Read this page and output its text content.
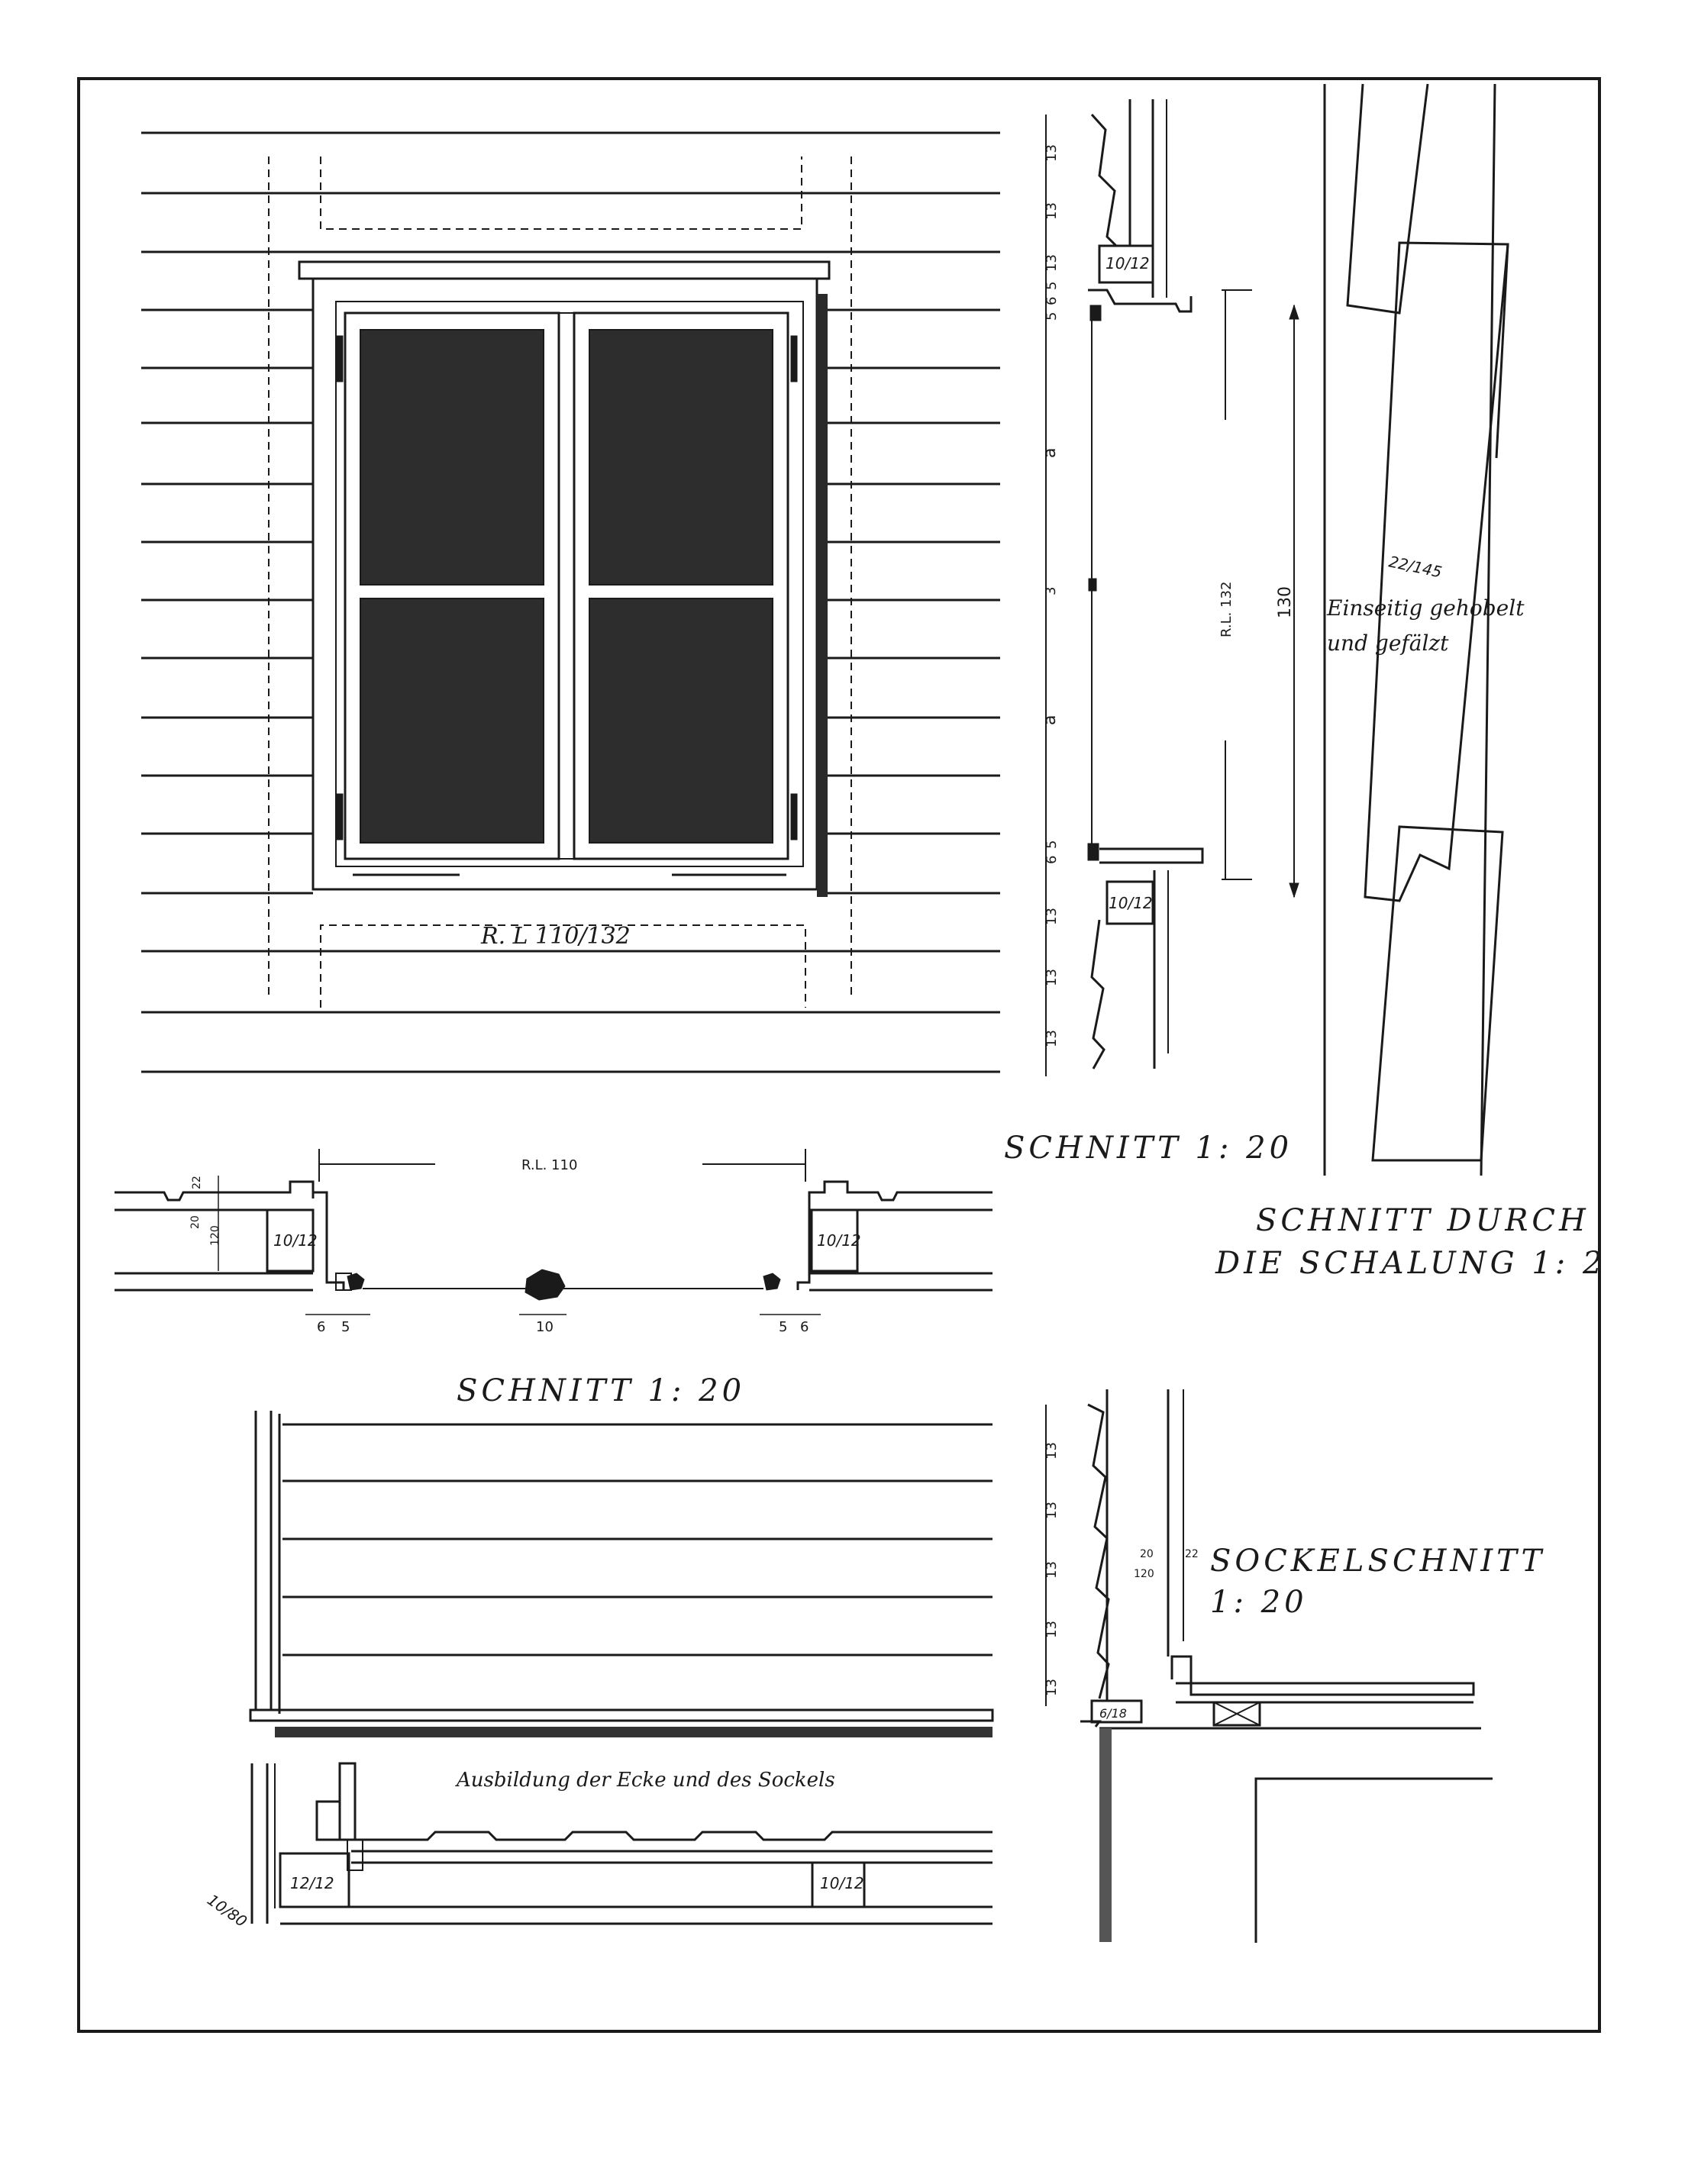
R. L 110/132
13
13
13
5
6
5
a
3
a
6
5
13
13
13
10/12
10/12
R.L. 132 130
SCHNITT 1: 20
22/145
Einseitig gehobelt
und gefälzt
SCHNITT DURCH
DIE SCHALUNG 1: 2
R.L. 110
22
20
120	10/12	10/12
6 5	10	5 6
SCHNITT 1: 20
Ausbildung der Ecke und des Sockels
12/12	10/12
10/80
13
13
13
13
13
20	22
120
6/18
SOCKELSCHNITT
1: 20
